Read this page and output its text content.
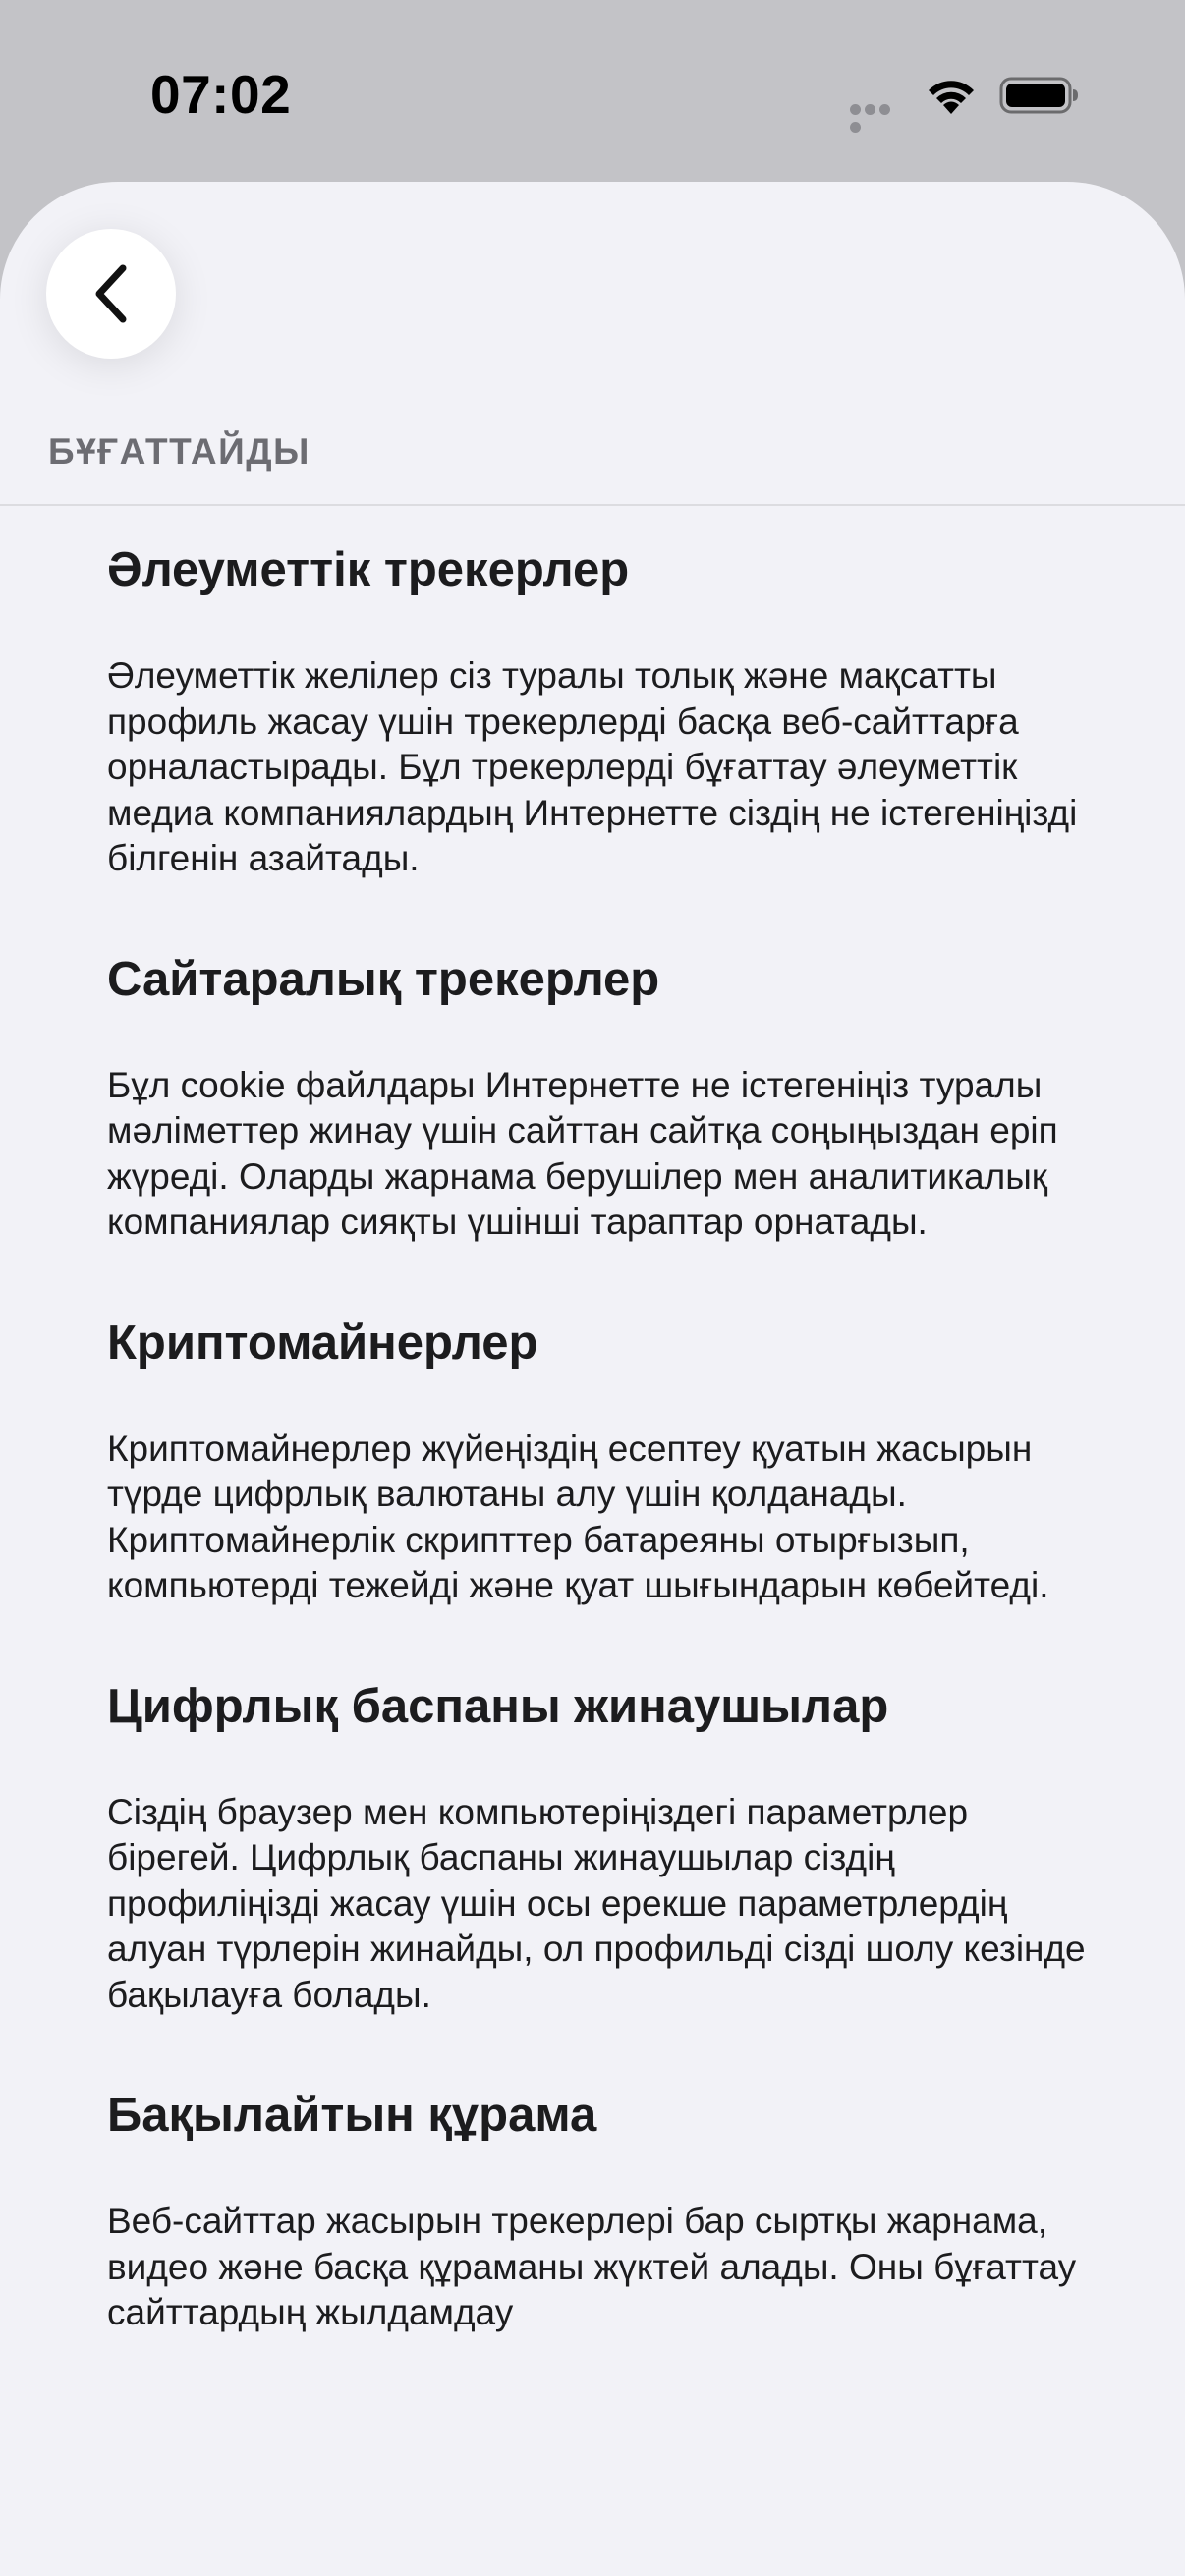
07:02
БҰҒАТТАЙДЫ
Әлеуметтік трекерлер

Әлеуметтік желілер сіз туралы толық және мақсатты профиль жасау үшін трекерлерді басқа веб-сайттарға орналастырады. Бұл трекерлерді бұғаттау әлеуметтік медиа компаниялардың Интернетте сіздің не істегеніңізді білгенін азайтады.

Сайтаралық трекерлер

Бұл cookie файлдары Интернетте не істегеніңіз туралы мәліметтер жинау үшін сайттан сайтқа соңыңыздан еріп жүреді. Оларды жарнама берушілер мен аналитикалық компаниялар сияқты үшінші тараптар орнатады.

Криптомайнерлер

Криптомайнерлер жүйеңіздің есептеу қуатын жасырын түрде цифрлық валютаны алу үшін қолданады. Криптомайнерлік скрипттер батареяны отырғызып, компьютерді тежейді және қуат шығындарын көбейтеді.

Цифрлық баспаны жинаушылар

Сіздің браузер мен компьютеріңіздегі параметрлер бірегей. Цифрлық баспаны жинаушылар сіздің профиліңізді жасау үшін осы ерекше параметрлердің алуан түрлерін жинайды, ол профильді сізді шолу кезінде бақылауға болады.

Бақылайтын құрама

Веб-сайттар жасырын трекерлері бар сыртқы жарнама, видео және басқа құраманы жүктей алады. Оны бұғаттау сайттардың жылдамдау
